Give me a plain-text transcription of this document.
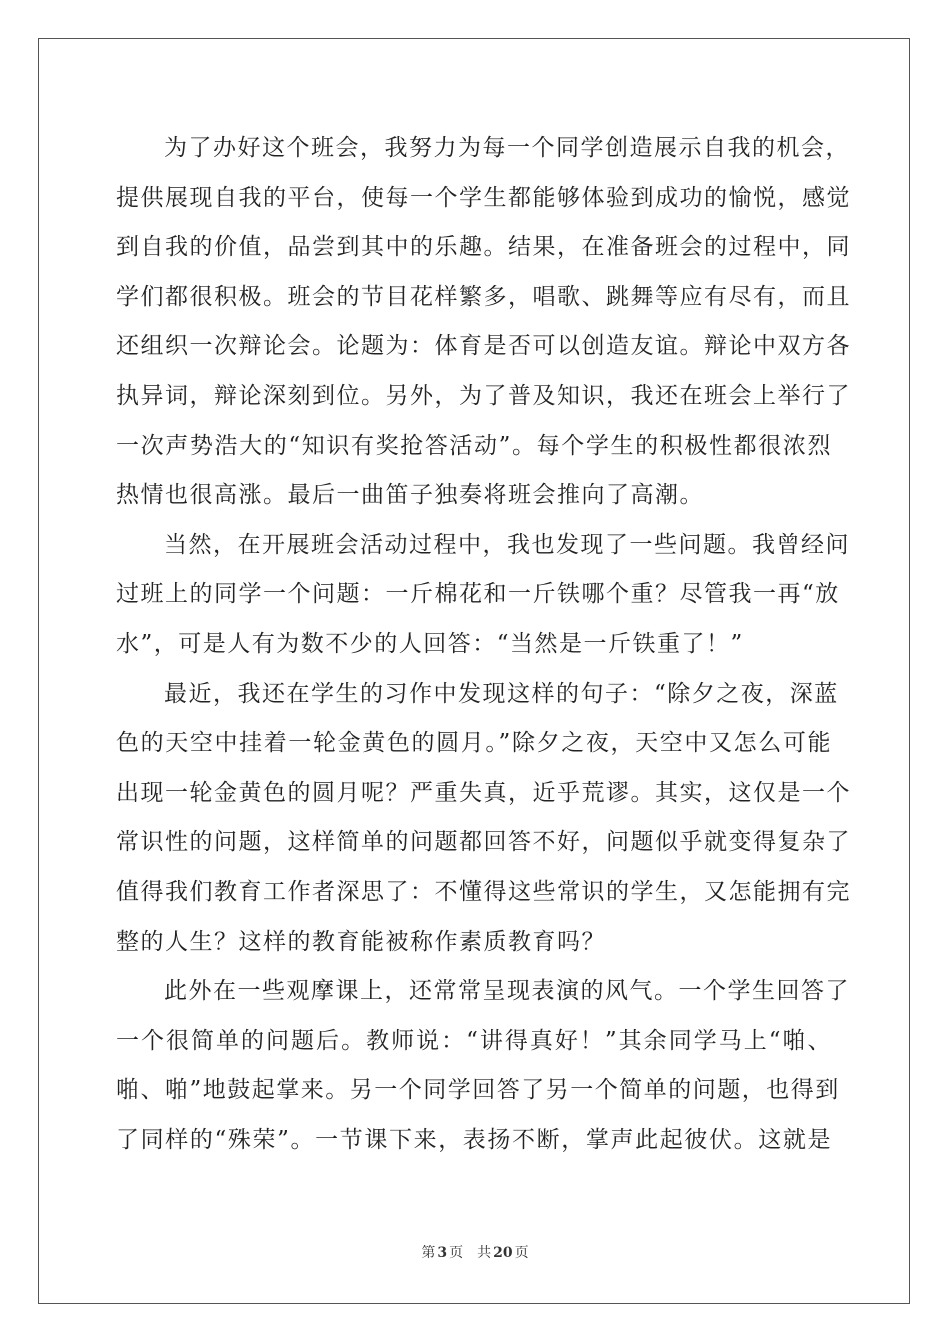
为了办好这个班会，我努力为每一个同学创造展示自我的机会，
提供展现自我的平台，使每一个学生都能够体验到成功的愉悦，感觉
到自我的价值，品尝到其中的乐趣。结果，在准备班会的过程中，同
学们都很积极。班会的节目花样繁多，唱歌、跳舞等应有尽有，而且
还组织一次辩论会。论题为：体育是否可以创造友谊。辩论中双方各
执异词，辩论深刻到位。另外，为了普及知识，我还在班会上举行了
一次声势浩大的“知识有奖抢答活动”。每个学生的积极性都很浓烈
热情也很高涨。最后一曲笛子独奏将班会推向了高潮。
当然，在开展班会活动过程中，我也发现了一些问题。我曾经问
过班上的同学一个问题：一斤棉花和一斤铁哪个重？尽管我一再“放
水”，可是人有为数不少的人回答：“当然是一斤铁重了！”
最近，我还在学生的习作中发现这样的句子：“除夕之夜，深蓝
色的天空中挂着一轮金黄色的圆月。”除夕之夜，天空中又怎么可能
出现一轮金黄色的圆月呢？严重失真，近乎荒谬。其实，这仅是一个
常识性的问题，这样简单的问题都回答不好，问题似乎就变得复杂了
值得我们教育工作者深思了：不懂得这些常识的学生，又怎能拥有完
整的人生？这样的教育能被称作素质教育吗？
此外在一些观摩课上，还常常呈现表演的风气。一个学生回答了
一个很简单的问题后。教师说：“讲得真好！”其余同学马上“啪、
啪、啪”地鼓起掌来。另一个同学回答了另一个简单的问题，也得到
了同样的“殊荣”。一节课下来，表扬不断，掌声此起彼伏。这就是
第 3 页 共 20 页
